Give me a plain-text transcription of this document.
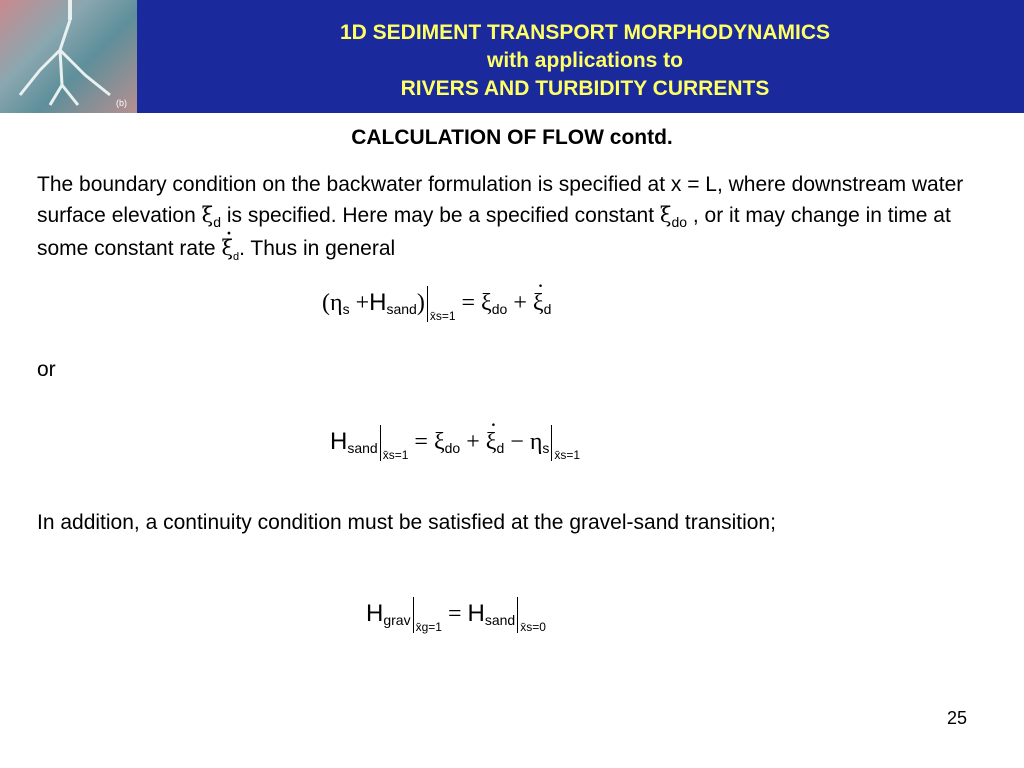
(b)
1D SEDIMENT TRANSPORT MORPHODYNAMICS
with applications to
RIVERS AND TURBIDITY CURRENTS
CALCULATION OF FLOW contd.
The boundary condition on the backwater formulation is specified at x = L, where downstream water surface elevation $\xi_d$ is specified. Here may be a specified constant $\xi_{do}$ , or it may change in time at some constant rate · $\xi_d$. Thus in general
(ηs +Hsand) $_{x̄s=1}$ = ξdo + · ξd
or
Hsand $_{x̄s=1}$ = ξdo + · ξd − ηs $_{x̄s=1}$
In addition, a continuity condition must be satisfied at the gravel-sand transition;
Hgrav $_{x̄g=1}$ = Hsand $_{x̄s=0}$
25
